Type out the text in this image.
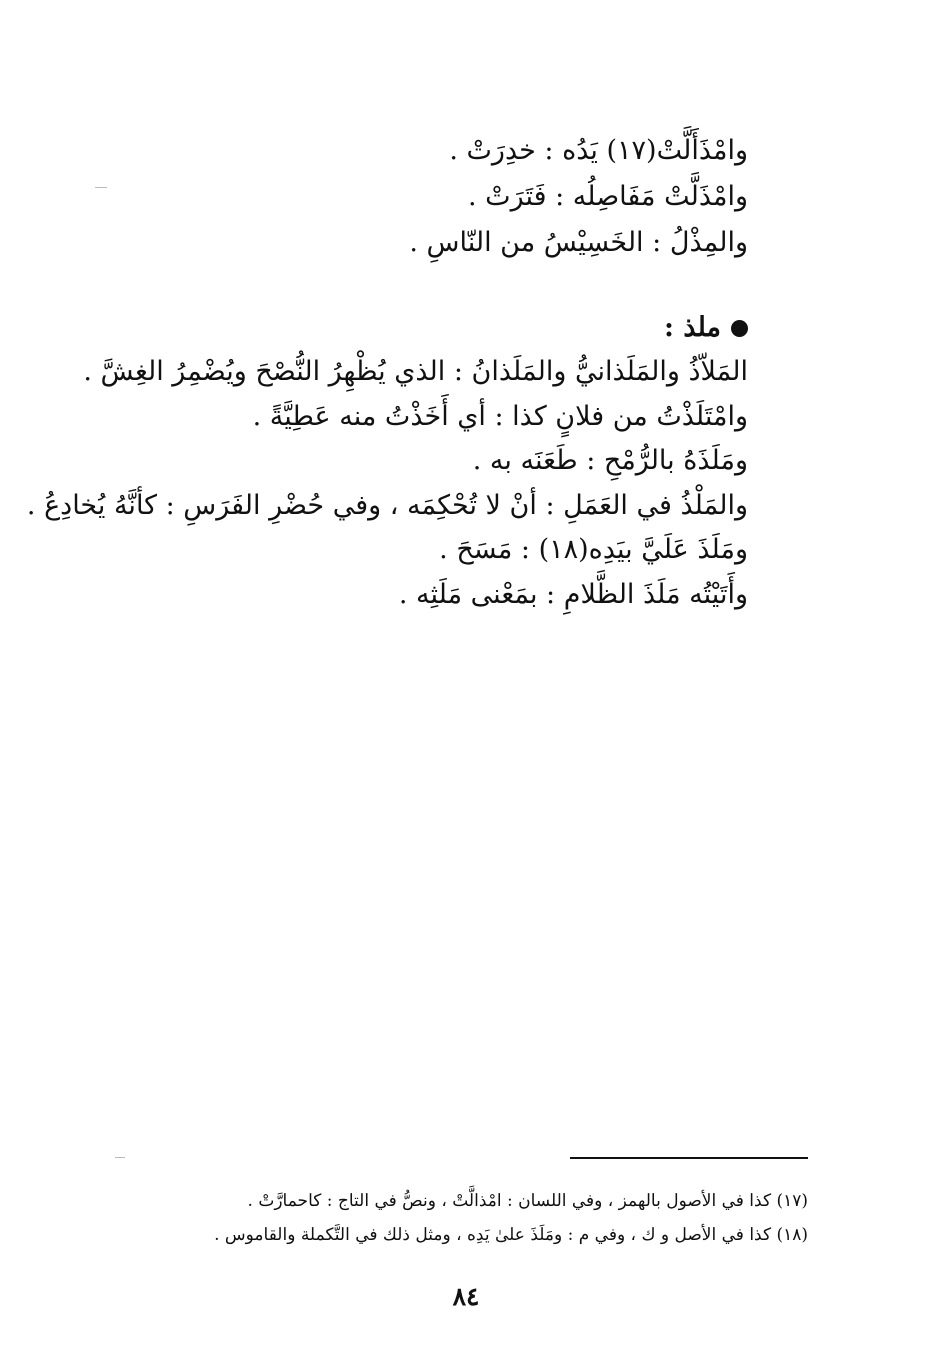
وامْذَأَلَّتْ(١٧) يَدُه : خدِرَتْ .
وامْذَلَّتْ مَفَاصِلُه : فَتَرَتْ .
والمِذْلُ : الخَسِيْسُ من النّاسِ .
ملذ :
المَلاّذُ والمَلَذانيُّ والمَلَذانُ : الذي يُظْهِرُ النُّصْحَ ويُضْمِرُ الغِشَّ .
وامْتَلَذْتُ من فلانٍ كذا : أي أَخَذْتُ منه عَطِيَّةً .
ومَلَذَهُ بالرُّمْحِ : طَعَنَه به .
والمَلْذُ في العَمَلِ : أنْ لا تُحْكِمَه ، وفي حُضْرِ الفَرَسِ : كأنَّهُ يُخادِعُ .
ومَلَذَ عَلَيَّ بيَدِه(١٨) : مَسَحَ .
وأَتَيْتُه مَلَذَ الظَّلامِ : بمَعْنى مَلَثِه .
(١٧) كذا في الأصول بالهمز ، وفي اللسان : امْذالَّتْ ، ونصُّ في التاج : كاحمارَّتْ .
(١٨) كذا في الأصل و ك ، وفي م : ومَلَذَ علىٰ يَدِه ، ومثل ذلك في التَّكملة والقاموس .
٨٤
